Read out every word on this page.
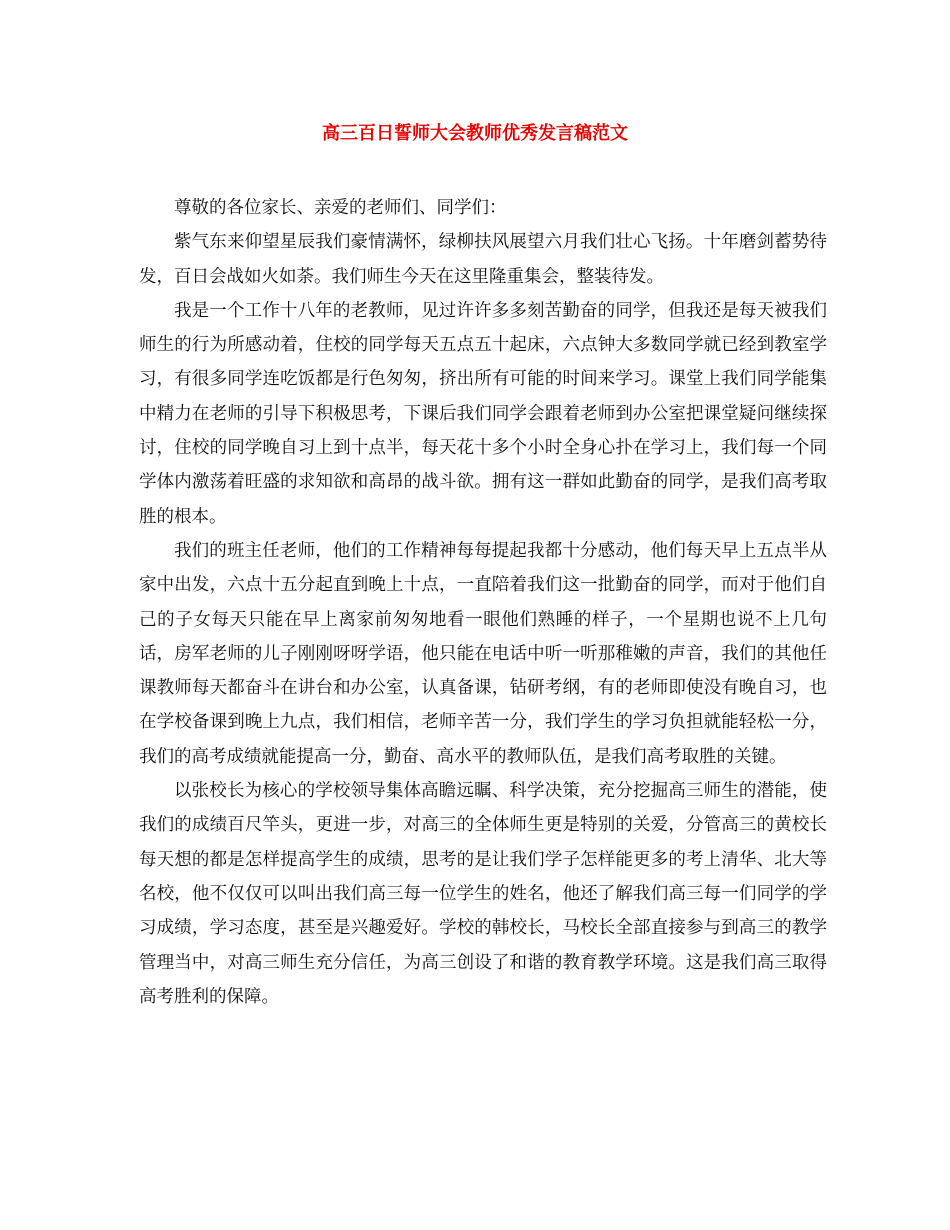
高三百日誓师大会教师优秀发言稿范文

尊敬的各位家长、亲爱的老师们、同学们：

紫气东来仰望星辰我们豪情满怀，绿柳扶风展望六月我们壮心飞扬。十年磨剑蓄势待发，百日会战如火如荼。我们师生今天在这里隆重集会，整装待发。

我是一个工作十八年的老教师，见过许许多多刻苦勤奋的同学，但我还是每天被我们师生的行为所感动着，住校的同学每天五点五十起床，六点钟大多数同学就已经到教室学习，有很多同学连吃饭都是行色匆匆，挤出所有可能的时间来学习。课堂上我们同学能集中精力在老师的引导下积极思考，下课后我们同学会跟着老师到办公室把课堂疑问继续探讨，住校的同学晚自习上到十点半，每天花十多个小时全身心扑在学习上，我们每一个同学体内激荡着旺盛的求知欲和高昂的战斗欲。拥有这一群如此勤奋的同学，是我们高考取胜的根本。

我们的班主任老师，他们的工作精神每每提起我都十分感动，他们每天早上五点半从家中出发，六点十五分起直到晚上十点，一直陪着我们这一批勤奋的同学，而对于他们自己的子女每天只能在早上离家前匆匆地看一眼他们熟睡的样子，一个星期也说不上几句话，房军老师的儿子刚刚呀呀学语，他只能在电话中听一听那稚嫩的声音，我们的其他任课教师每天都奋斗在讲台和办公室，认真备课，钻研考纲，有的老师即使没有晚自习，也在学校备课到晚上九点，我们相信，老师辛苦一分，我们学生的学习负担就能轻松一分，我们的高考成绩就能提高一分，勤奋、高水平的教师队伍，是我们高考取胜的关键。

以张校长为核心的学校领导集体高瞻远瞩、科学决策，充分挖掘高三师生的潜能，使我们的成绩百尺竿头，更进一步，对高三的全体师生更是特别的关爱，分管高三的黄校长每天想的都是怎样提高学生的成绩，思考的是让我们学子怎样能更多的考上清华、北大等名校，他不仅仅可以叫出我们高三每一位学生的姓名，他还了解我们高三每一们同学的学习成绩，学习态度，甚至是兴趣爱好。学校的韩校长，马校长全部直接参与到高三的教学管理当中，对高三师生充分信任，为高三创设了和谐的教育教学环境。这是我们高三取得高考胜利的保障。
